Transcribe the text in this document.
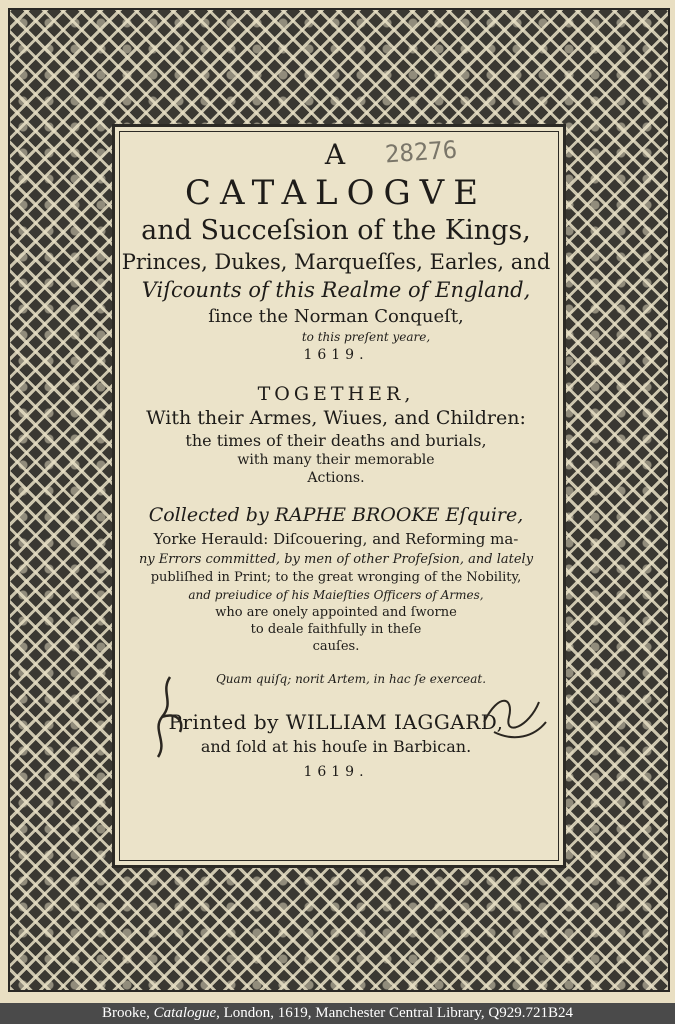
A
CATALOGVE
and Succeſsion of the Kings,
Princes, Dukes, Marqueſſes, Earles, and
Viſcounts of this Realme of England,
ſince the Norman Conqueſt,
to this preſent yeare,
1619.
TOGETHER,
With their Armes, Wiues, and Children:
the times of their deaths and burials,
with many their memorable
Actions.
Collected by RAPHE BROOKE Eſquire,
Yorke Herauld: Diſcouering, and Reforming ma-
ny Errors committed, by men of other Profeſsion, and lately
publiſhed in Print; to the great wronging of the Nobility,
and preiudice of his Maieſties Officers of Armes,
who are onely appointed and ſworne
to deale faithfully in theſe
cauſes.
Quam quiſq; norit Artem, in hac ſe exerceat.
Printed by WILLIAM IAGGARD,
and ſold at his houſe in Barbican.
1619.
28276
Brooke, Catalogue, London, 1619, Manchester Central Library, Q929.721B24
